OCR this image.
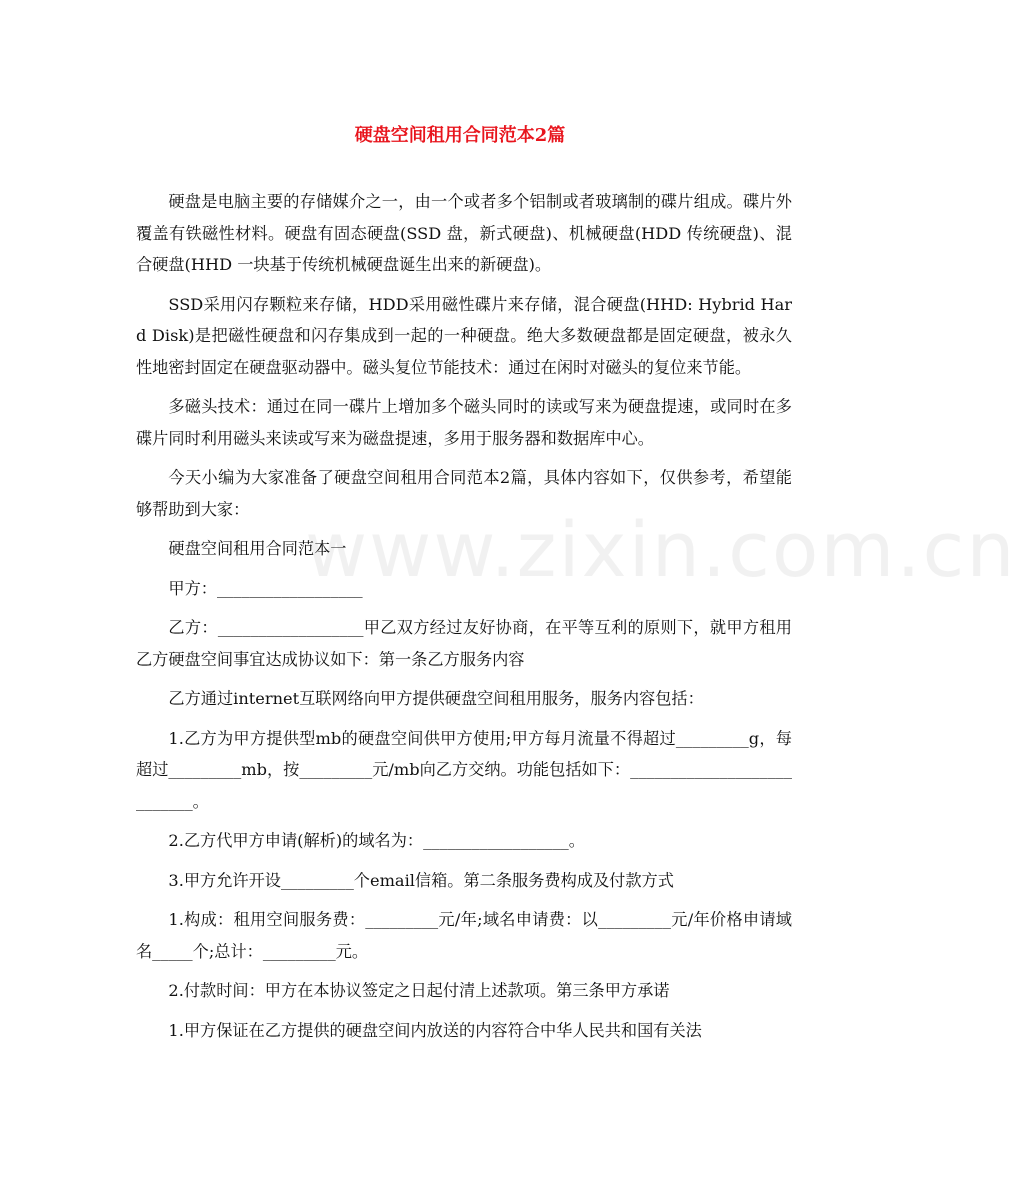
www.zixin.com.cn
硬盘空间租用合同范本2篇

硬盘是电脑主要的存储媒介之一，由一个或者多个铝制或者玻璃制的碟片组成。碟片外覆盖有铁磁性材料。硬盘有固态硬盘(SSD 盘，新式硬盘)、机械硬盘(HDD 传统硬盘)、混合硬盘(HHD 一块基于传统机械硬盘诞生出来的新硬盘)。

SSD采用闪存颗粒来存储，HDD采用磁性碟片来存储，混合硬盘(HHD: Hybrid Hard Disk)是把磁性硬盘和闪存集成到一起的一种硬盘。绝大多数硬盘都是固定硬盘，被永久性地密封固定在硬盘驱动器中。磁头复位节能技术：通过在闲时对磁头的复位来节能。

多磁头技术：通过在同一碟片上增加多个磁头同时的读或写来为硬盘提速，或同时在多碟片同时利用磁头来读或写来为磁盘提速，多用于服务器和数据库中心。

今天小编为大家准备了硬盘空间租用合同范本2篇，具体内容如下，仅供参考，希望能够帮助到大家：

硬盘空间租用合同范本一

甲方：__________________

乙方：__________________甲乙双方经过友好协商，在平等互利的原则下，就甲方租用乙方硬盘空间事宜达成协议如下：第一条乙方服务内容

乙方通过internet互联网络向甲方提供硬盘空间租用服务，服务内容包括：

1.乙方为甲方提供型mb的硬盘空间供甲方使用;甲方每月流量不得超过_________g，每超过_________mb，按_________元/mb向乙方交纳。功能包括如下：___________________________。

2.乙方代甲方申请(解析)的域名为：__________________。

3.甲方允许开设_________个email信箱。第二条服务费构成及付款方式

1.构成：租用空间服务费：_________元/年;域名申请费：以_________元/年价格申请域名_____个;总计：_________元。

2.付款时间：甲方在本协议签定之日起付清上述款项。第三条甲方承诺

1.甲方保证在乙方提供的硬盘空间内放送的内容符合中华人民共和国有关法
